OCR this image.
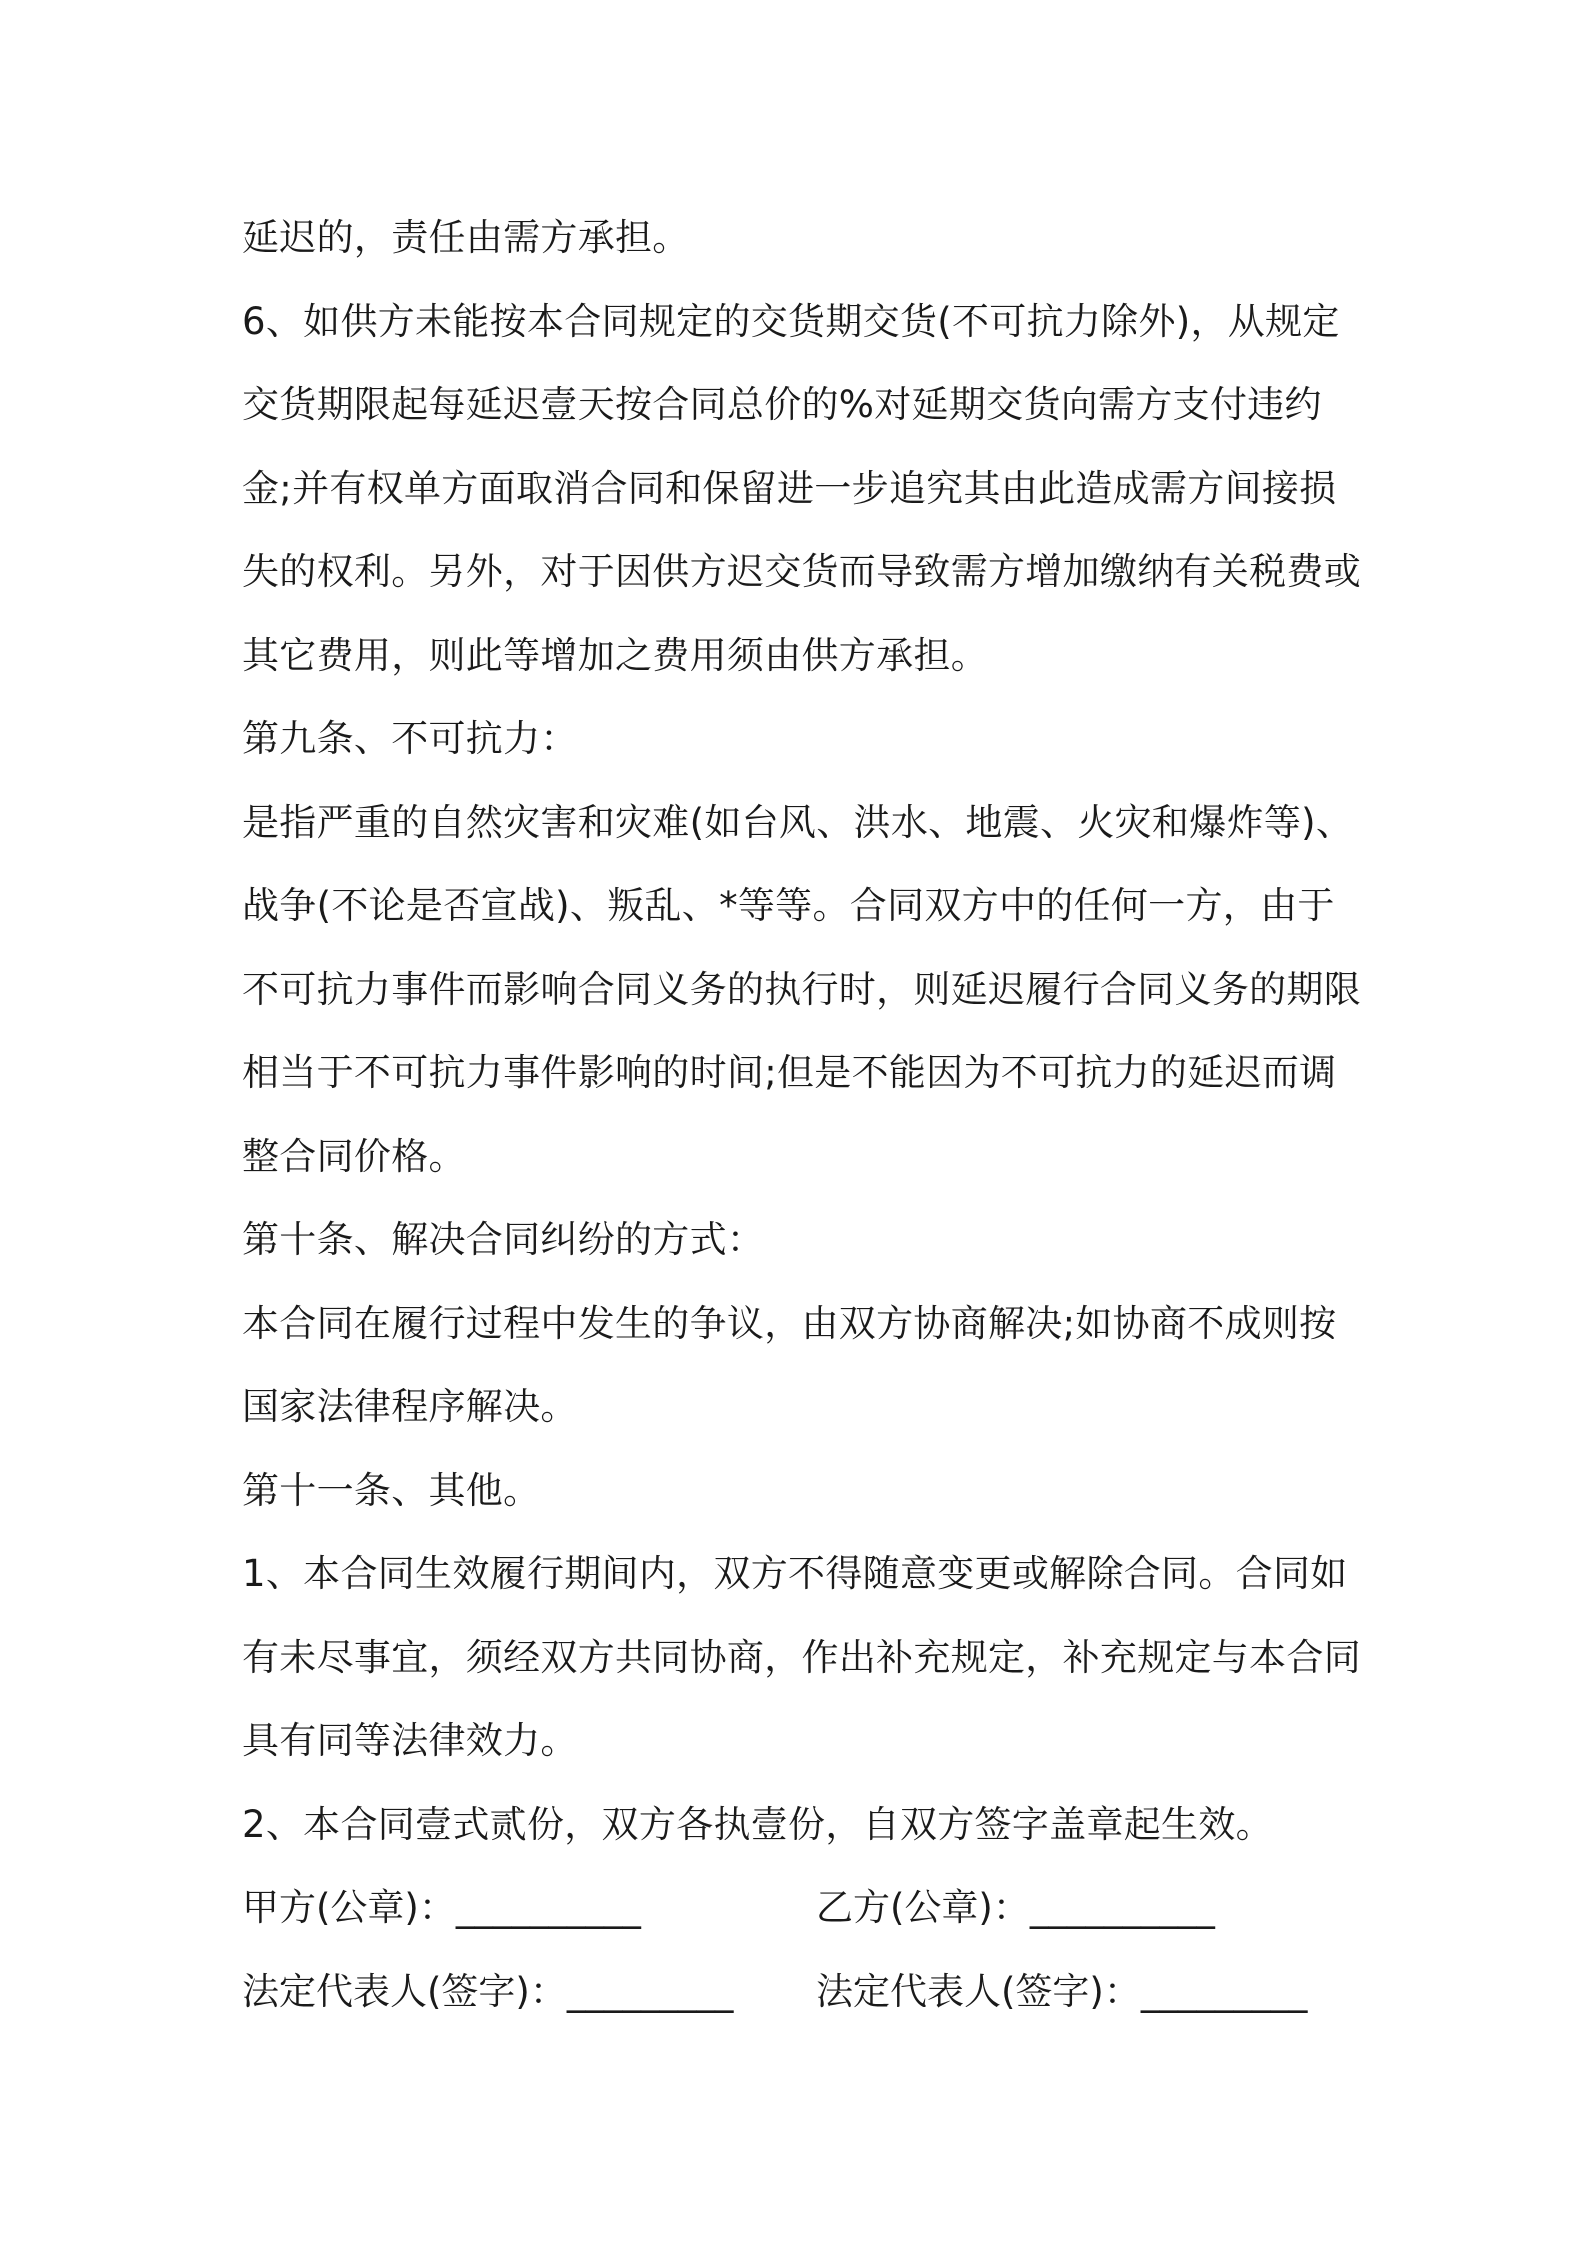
延迟的，责任由需方承担。
6、如供方未能按本合同规定的交货期交货(不可抗力除外)，从规定
交货期限起每延迟壹天按合同总价的%对延期交货向需方支付违约
金;并有权单方面取消合同和保留进一步追究其由此造成需方间接损
失的权利。另外，对于因供方迟交货而导致需方增加缴纳有关税费或
其它费用，则此等增加之费用须由供方承担。
第九条、不可抗力：
是指严重的自然灾害和灾难(如台风、洪水、地震、火灾和爆炸等)、
战争(不论是否宣战)、叛乱、*等等。合同双方中的任何一方，由于
不可抗力事件而影响合同义务的执行时，则延迟履行合同义务的期限
相当于不可抗力事件影响的时间;但是不能因为不可抗力的延迟而调
整合同价格。
第十条、解决合同纠纷的方式：
本合同在履行过程中发生的争议，由双方协商解决;如协商不成则按
国家法律程序解决。
第十一条、其他。
1、本合同生效履行期间内，双方不得随意变更或解除合同。合同如
有未尽事宜，须经双方共同协商，作出补充规定，补充规定与本合同
具有同等法律效力。
2、本合同壹式贰份，双方各执壹份，自双方签字盖章起生效。
甲方(公章)：__________	乙方(公章)：__________
法定代表人(签字)：_________ 法定代表人(签字)：_________
